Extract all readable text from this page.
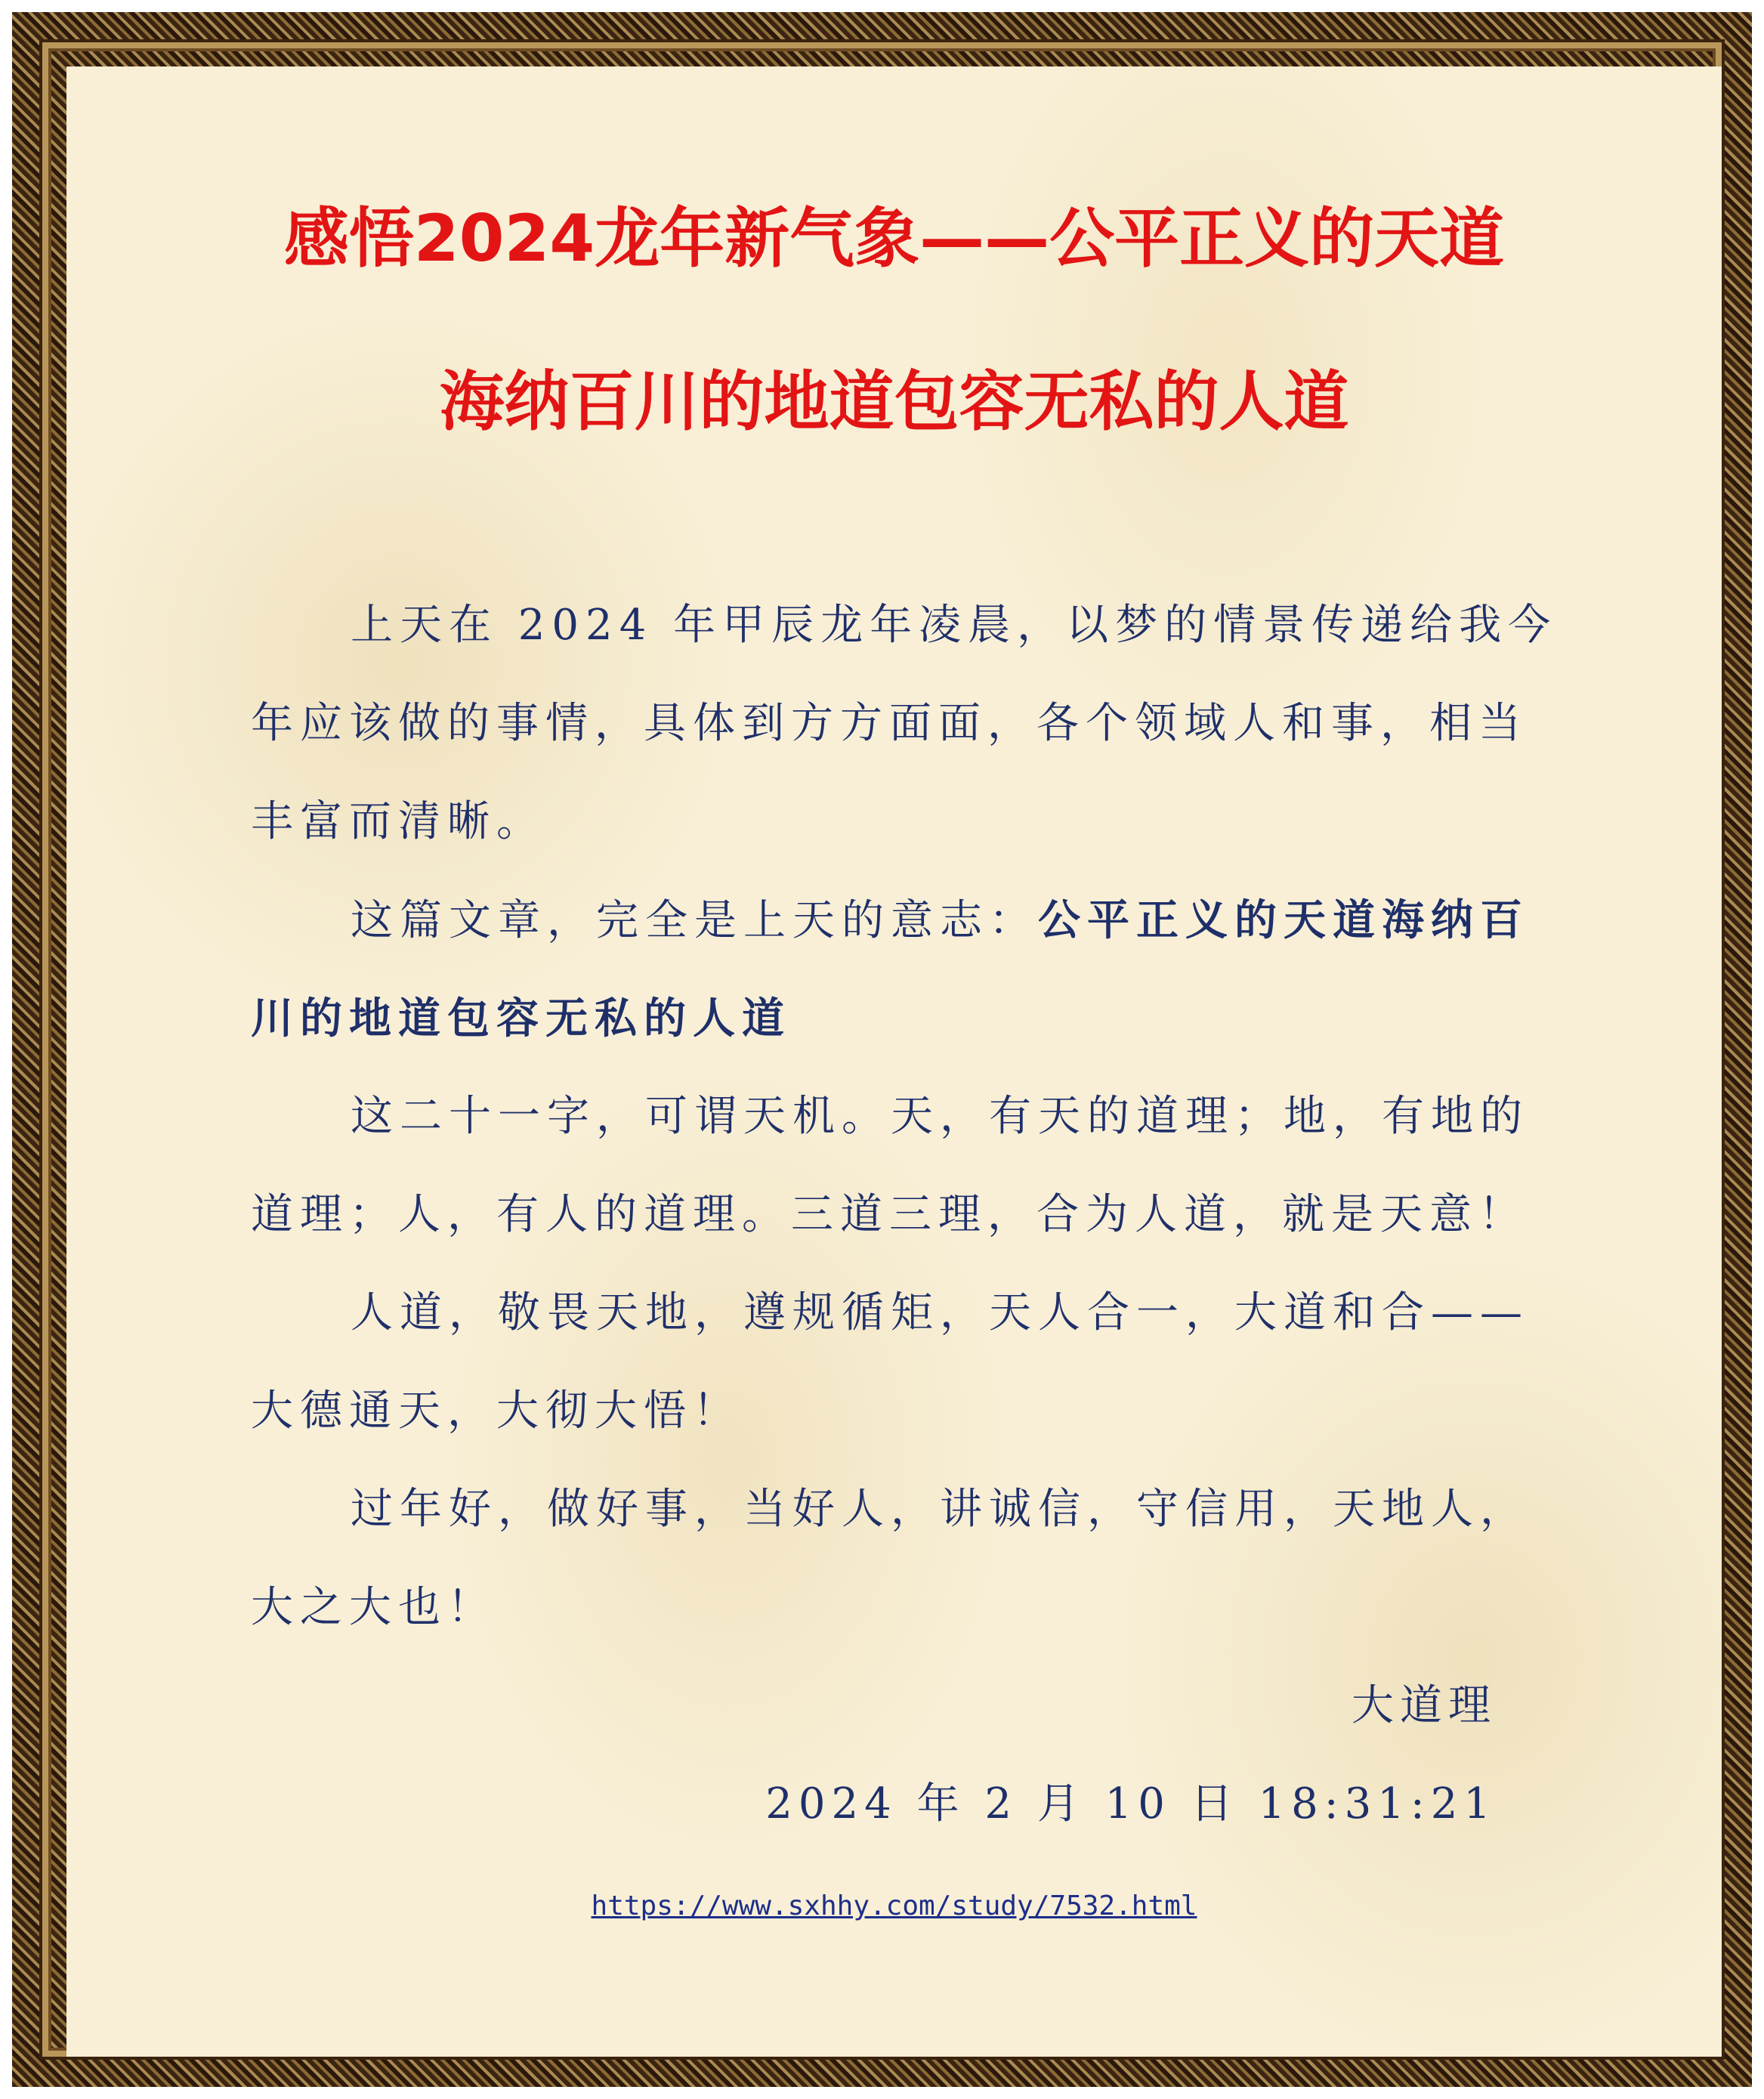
感悟2024龙年新气象——公平正义的天道
海纳百川的地道包容无私的人道
上天在 2024 年甲辰龙年凌晨，以梦的情景传递给我今
年应该做的事情，具体到方方面面，各个领域人和事，相当
丰富而清晰。
这篇文章，完全是上天的意志：公平正义的天道海纳百
川的地道包容无私的人道
这二十一字，可谓天机。天，有天的道理；地，有地的
道理；人，有人的道理。三道三理，合为人道，就是天意！
人道，敬畏天地，遵规循矩，天人合一，大道和合——
大德通天，大彻大悟！
过年好，做好事，当好人，讲诚信，守信用，天地人，
大之大也！
大道理
2024 年 2 月 10 日 18:31:21
https://www.sxhhy.com/study/7532.html
